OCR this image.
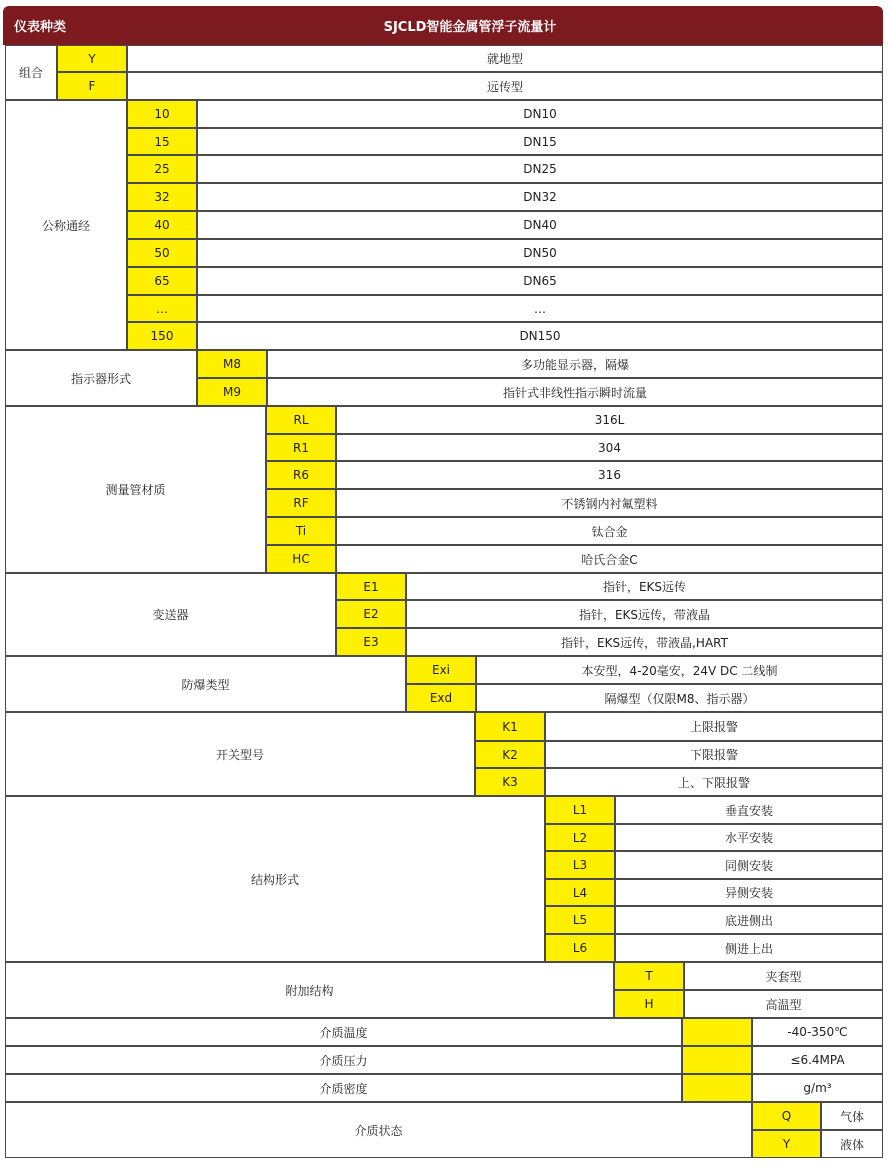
仪表种类	SJCLD智能金属管浮子流量计
组合
Y	就地型
F	远传型
公称通经
10	DN10
15	DN15
25	DN25
32	DN32
40	DN40
50	DN50
65	DN65
…	…
150	DN150
指示器形式
M8	多功能显示器，隔爆
M9	指针式非线性指示瞬时流量
测量管材质
RL	316L
R1	304
R6	316
RF	不锈钢内衬氟塑料
Ti	钛合金
HC	哈氏合金C
变送器
E1	指针，EKS远传
E2	指针，EKS远传，带液晶
E3	指针，EKS远传，带液晶,HART
防爆类型
Exi	本安型，4-20毫安，24V DC 二线制
Exd	隔爆型（仅限M8、指示器）
开关型号
K1	上限报警
K2	下限报警
K3	上、下限报警
结构形式
L1	垂直安装
L2	水平安装
L3	同侧安装
L4	异侧安装
L5	底进侧出
L6	侧进上出
附加结构
T	夹套型
H	高温型
介质温度	-40-350℃
介质压力	≤6.4MPA
介质密度	g/m³
介质状态
Q	气体
Y	液体
